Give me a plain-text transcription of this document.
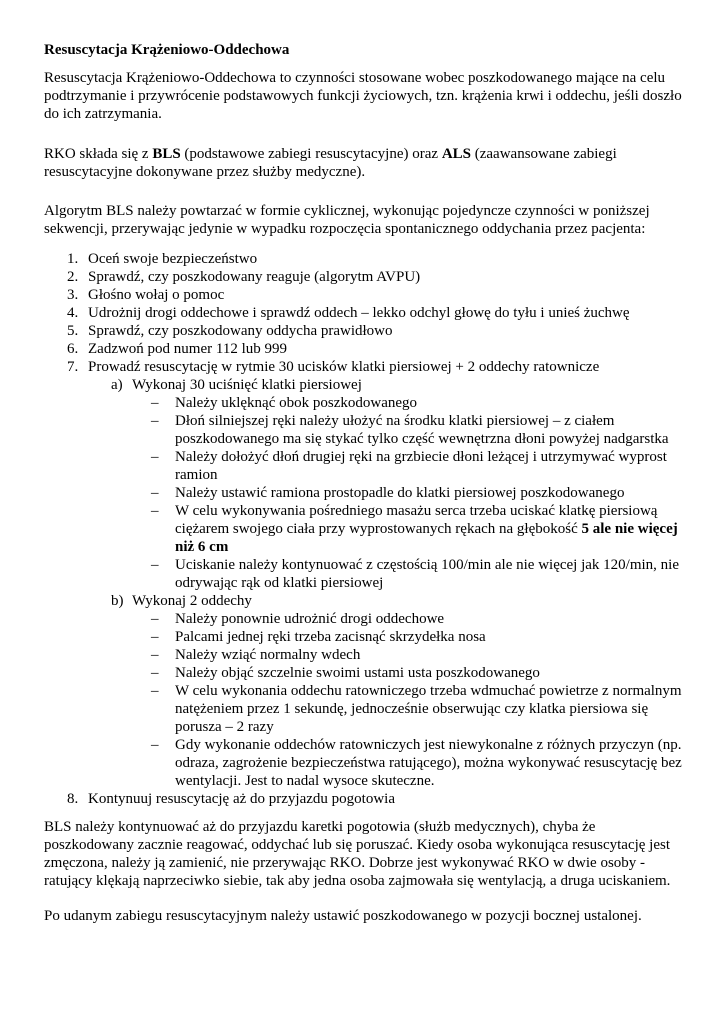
Resuscytacja Krążeniowo-Oddechowa

Resuscytacja Krążeniowo-Oddechowa to czynności stosowane wobec poszkodowanego mające na celu podtrzymanie i przywrócenie podstawowych funkcji życiowych, tzn. krążenia krwi i oddechu, jeśli doszło do ich zatrzymania.

RKO składa się z BLS (podstawowe zabiegi resuscytacyjne) oraz ALS (zaawansowane zabiegi resuscytacyjne dokonywane przez służby medyczne).

Algorytm BLS należy powtarzać w formie cyklicznej, wykonując pojedyncze czynności w poniższej sekwencji, przerywając jedynie w wypadku rozpoczęcia spontanicznego oddychania przez pacjenta:

1. Oceń swoje bezpieczeństwo
2. Sprawdź, czy poszkodowany reaguje (algorytm AVPU)
3. Głośno wołaj o pomoc
4. Udrożnij drogi oddechowe i sprawdź oddech – lekko odchyl głowę do tyłu i unieś żuchwę
5. Sprawdź, czy poszkodowany oddycha prawidłowo
6. Zadzwoń pod numer 112 lub 999
7. Prowadź resuscytację w rytmie 30 ucisków klatki piersiowej + 2 oddechy ratownicze
a) Wykonaj 30 uciśnięć klatki piersiowej
– Należy uklęknąć obok poszkodowanego
– Dłoń silniejszej ręki należy ułożyć na środku klatki piersiowej – z ciałem poszkodowanego ma się stykać tylko część wewnętrzna dłoni powyżej nadgarstka
– Należy dołożyć dłoń drugiej ręki na grzbiecie dłoni leżącej i utrzymywać wyprost ramion
– Należy ustawić ramiona prostopadle do klatki piersiowej poszkodowanego
– W celu wykonywania pośredniego masażu serca trzeba uciskać klatkę piersiową ciężarem swojego ciała przy wyprostowanych rękach na głębokość 5 ale nie więcej niż 6 cm
– Uciskanie należy kontynuować z częstością 100/min ale nie więcej jak 120/min, nie odrywając rąk od klatki piersiowej
b) Wykonaj 2 oddechy
– Należy ponownie udrożnić drogi oddechowe
– Palcami jednej ręki trzeba zacisnąć skrzydełka nosa
– Należy wziąć normalny wdech
– Należy objąć szczelnie swoimi ustami usta poszkodowanego
– W celu wykonania oddechu ratowniczego trzeba wdmuchać powietrze z normalnym natężeniem przez 1 sekundę, jednocześnie obserwując czy klatka piersiowa się porusza – 2 razy
– Gdy wykonanie oddechów ratowniczych jest niewykonalne z różnych przyczyn (np. odraza, zagrożenie bezpieczeństwa ratującego), można wykonywać resuscytację bez wentylacji. Jest to nadal wysoce skuteczne.
8. Kontynuuj resuscytację aż do przyjazdu pogotowia

BLS należy kontynuować aż do przyjazdu karetki pogotowia (służb medycznych), chyba że poszkodowany zacznie reagować, oddychać lub się poruszać. Kiedy osoba wykonująca resuscytację jest zmęczona, należy ją zamienić, nie przerywając RKO. Dobrze jest wykonywać RKO w dwie osoby - ratujący klękają naprzeciwko siebie, tak aby jedna osoba zajmowała się wentylacją, a druga uciskaniem.

Po udanym zabiegu resuscytacyjnym należy ustawić poszkodowanego w pozycji bocznej ustalonej.
